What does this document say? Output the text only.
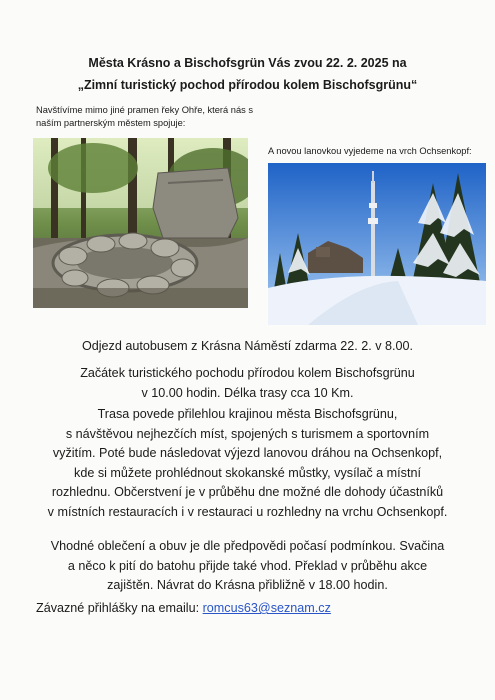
Města Krásno a Bischofsgrün Vás zvou 22. 2. 2025 na
„Zimní turistický pochod přírodou kolem Bischofsgrünu“
Navštívíme mimo jiné pramen řeky Ohře, která nás s naším partnerským městem spojuje:
A novou lanovkou vyjedeme na vrch Ochsenkopf:
Odjezd autobusem z Krásna Náměstí zdarma 22. 2. v 8.00.
Začátek turistického pochodu přírodou kolem Bischofsgrünu
v 10.00 hodin. Délka trasy cca 10 Km.
Trasa povede přilehlou krajinou města Bischofsgrünu,
s návštěvou nejhezčích míst, spojených s turismem a sportovním
vyžitím. Poté bude následovat výjezd lanovou dráhou na Ochsenkopf,
kde si můžete prohlédnout skokanské můstky, vysílač a místní
rozhlednu. Občerstvení je v průběhu dne možné dle dohody účastníků
v místních restauracích i v restauraci u rozhledny na vrchu Ochsenkopf.
Vhodné oblečení a obuv je dle předpovědi počasí podmínkou. Svačina
a něco k pití do batohu přijde také vhod. Překlad v průběhu akce
zajištěn. Návrat do Krásna přibližně v 18.00 hodin.
Závazné přihlášky na emailu: romcus63@seznam.cz
